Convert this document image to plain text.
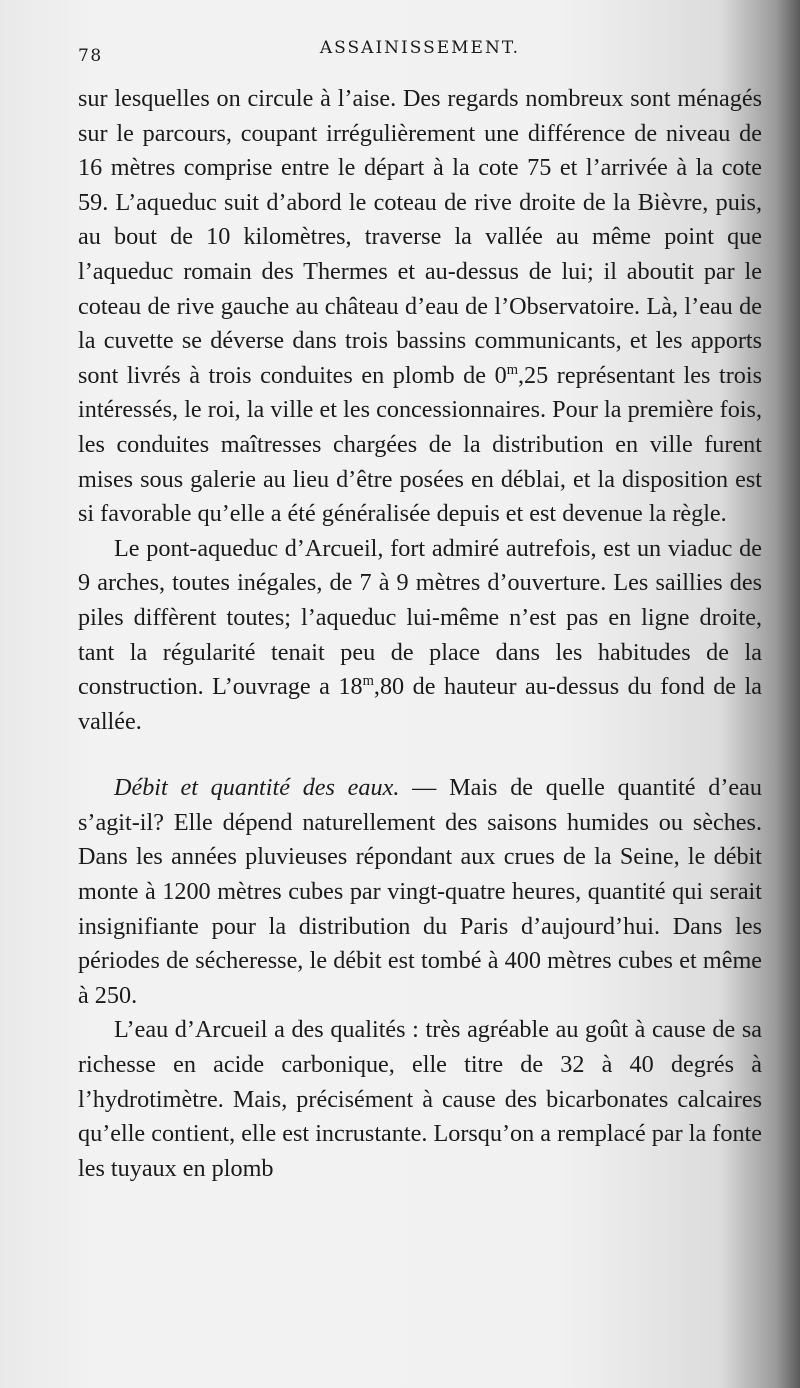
78	ASSAINISSEMENT.

sur lesquelles on circule à l’aise. Des regards nombreux sont ménagés sur le parcours, coupant irrégulièrement une différence de niveau de 16 mètres comprise entre le départ à la cote 75 et l’arrivée à la cote 59. L’aqueduc suit d’abord le coteau de rive droite de la Bièvre, puis, au bout de 10 kilomètres, traverse la vallée au même point que l’aqueduc romain des Thermes et au-dessus de lui; il aboutit par le coteau de rive gauche au château d’eau de l’Observatoire. Là, l’eau de la cuvette se déverse dans trois bassins communicants, et les apports sont livrés à trois conduites en plomb de 0$^m$,25 représentant les trois intéressés, le roi, la ville et les concessionnaires. Pour la première fois, les conduites maîtresses chargées de la distribution en ville furent mises sous galerie au lieu d’être posées en déblai, et la disposition est si favorable qu’elle a été généralisée depuis et est devenue la règle.

Le pont-aqueduc d’Arcueil, fort admiré autrefois, est un viaduc de 9 arches, toutes inégales, de 7 à 9 mètres d’ouverture. Les saillies des piles diffèrent toutes; l’aqueduc lui-même n’est pas en ligne droite, tant la régularité tenait peu de place dans les habitudes de la construction. L’ouvrage a 18$^m$,80 de hauteur au-dessus du fond de la vallée.

Débit et quantité des eaux. — Mais de quelle quantité d’eau s’agit-il? Elle dépend naturellement des saisons humides ou sèches. Dans les années pluvieuses répondant aux crues de la Seine, le débit monte à 1200 mètres cubes par vingt-quatre heures, quantité qui serait insignifiante pour la distribution du Paris d’aujourd’hui. Dans les périodes de sécheresse, le débit est tombé à 400 mètres cubes et même à 250.

L’eau d’Arcueil a des qualités : très agréable au goût à cause de sa richesse en acide carbonique, elle titre de 32 à 40 degrés à l’hydrotimètre. Mais, précisément à cause des bicarbonates calcaires qu’elle contient, elle est incrustante. Lorsqu’on a remplacé par la fonte les tuyaux en plomb
